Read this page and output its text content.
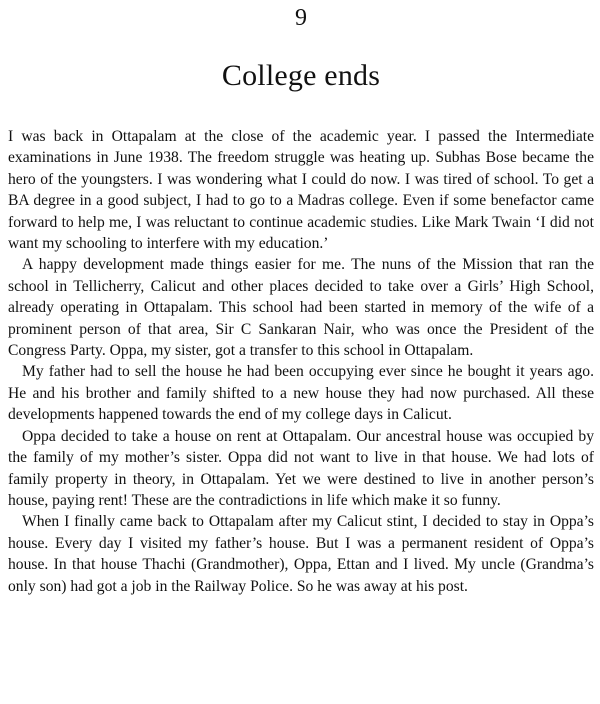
9
College ends

I was back in Ottapalam at the close of the academic year. I passed the Intermediate examinations in June 1938. The freedom struggle was heating up. Subhas Bose became the hero of the youngsters. I was wondering what I could do now. I was tired of school. To get a BA degree in a good subject, I had to go to a Madras college. Even if some benefactor came forward to help me, I was reluctant to continue academic studies. Like Mark Twain ‘I did not want my schooling to interfere with my education.’

A happy development made things easier for me. The nuns of the Mission that ran the school in Tellicherry, Calicut and other places decided to take over a Girls’ High School, already operating in Ottapalam. This school had been started in memory of the wife of a prominent person of that area, Sir C Sankaran Nair, who was once the President of the Congress Party. Oppa, my sister, got a transfer to this school in Ottapalam.

My father had to sell the house he had been occupying ever since he bought it years ago. He and his brother and family shifted to a new house they had now purchased. All these developments happened towards the end of my college days in Calicut.

Oppa decided to take a house on rent at Ottapalam. Our ancestral house was occupied by the family of my mother’s sister. Oppa did not want to live in that house. We had lots of family property in theory, in Ottapalam. Yet we were destined to live in another person’s house, paying rent! These are the contradictions in life which make it so funny.

When I finally came back to Ottapalam after my Calicut stint, I decided to stay in Oppa’s house. Every day I visited my father’s house. But I was a permanent resident of Oppa’s house. In that house Thachi (Grandmother), Oppa, Ettan and I lived. My uncle (Grandma’s only son) had got a job in the Railway Police. So he was away at his post.
